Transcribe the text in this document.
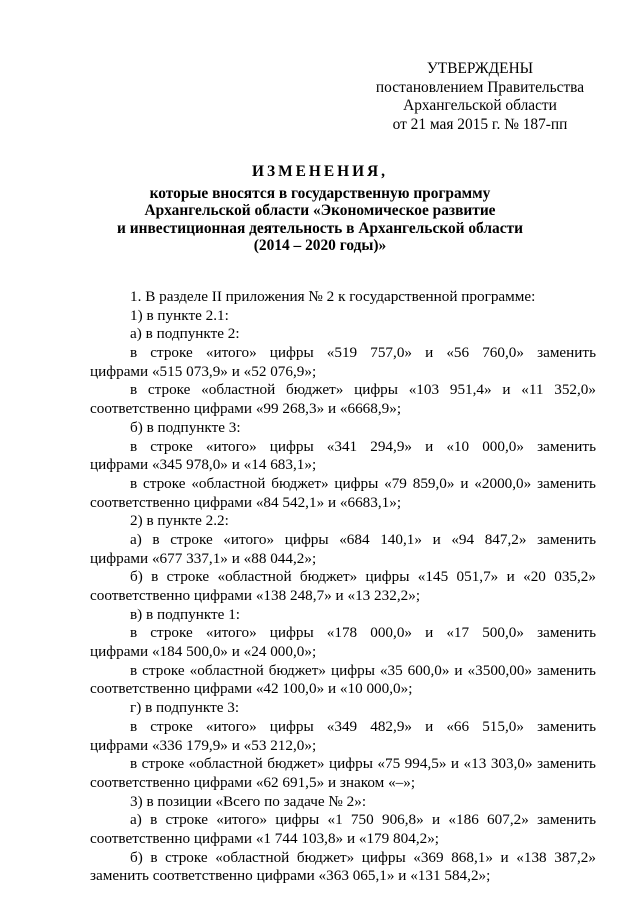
УТВЕРЖДЕНЫ
постановлением Правительства
Архангельской области
от 21 мая 2015 г. № 187-пп
ИЗМЕНЕНИЯ,
которые вносятся в государственную программу
Архангельской области «Экономическое развитие
и инвестиционная деятельность в Архангельской области
(2014 – 2020 годы)»
1. В разделе II приложения № 2 к государственной программе:
1) в пункте 2.1:
а) в подпункте 2:
в строке «итого» цифры «519 757,0» и «56 760,0» заменить
цифрами «515 073,9» и «52 076,9»;
в строке «областной бюджет» цифры «103 951,4» и «11 352,0»
соответственно цифрами «99 268,3» и «6668,9»;
б) в подпункте 3:
в строке «итого» цифры «341 294,9» и «10 000,0» заменить
цифрами «345 978,0» и «14 683,1»;
в строке «областной бюджет» цифры «79 859,0» и «2000,0» заменить
соответственно цифрами «84 542,1» и «6683,1»;
2) в пункте 2.2:
а) в строке «итого» цифры «684 140,1» и «94 847,2» заменить
цифрами «677 337,1» и «88 044,2»;
б) в строке «областной бюджет» цифры «145 051,7» и «20 035,2»
соответственно цифрами «138 248,7» и «13 232,2»;
в) в подпункте 1:
в строке «итого» цифры «178 000,0» и «17 500,0» заменить
цифрами «184 500,0» и «24 000,0»;
в строке «областной бюджет» цифры «35 600,0» и «3500,00» заменить
соответственно цифрами «42 100,0» и «10 000,0»;
г) в подпункте 3:
в строке «итого» цифры «349 482,9» и «66 515,0» заменить
цифрами «336 179,9» и «53 212,0»;
в строке «областной бюджет» цифры «75 994,5» и «13 303,0» заменить
соответственно цифрами «62 691,5» и знаком «–»;
3) в позиции «Всего по задаче № 2»:
а) в строке «итого» цифры «1 750 906,8» и «186 607,2» заменить
соответственно цифрами «1 744 103,8» и «179 804,2»;
б) в строке «областной бюджет» цифры «369 868,1» и «138 387,2»
заменить соответственно цифрами «363 065,1» и «131 584,2»;
